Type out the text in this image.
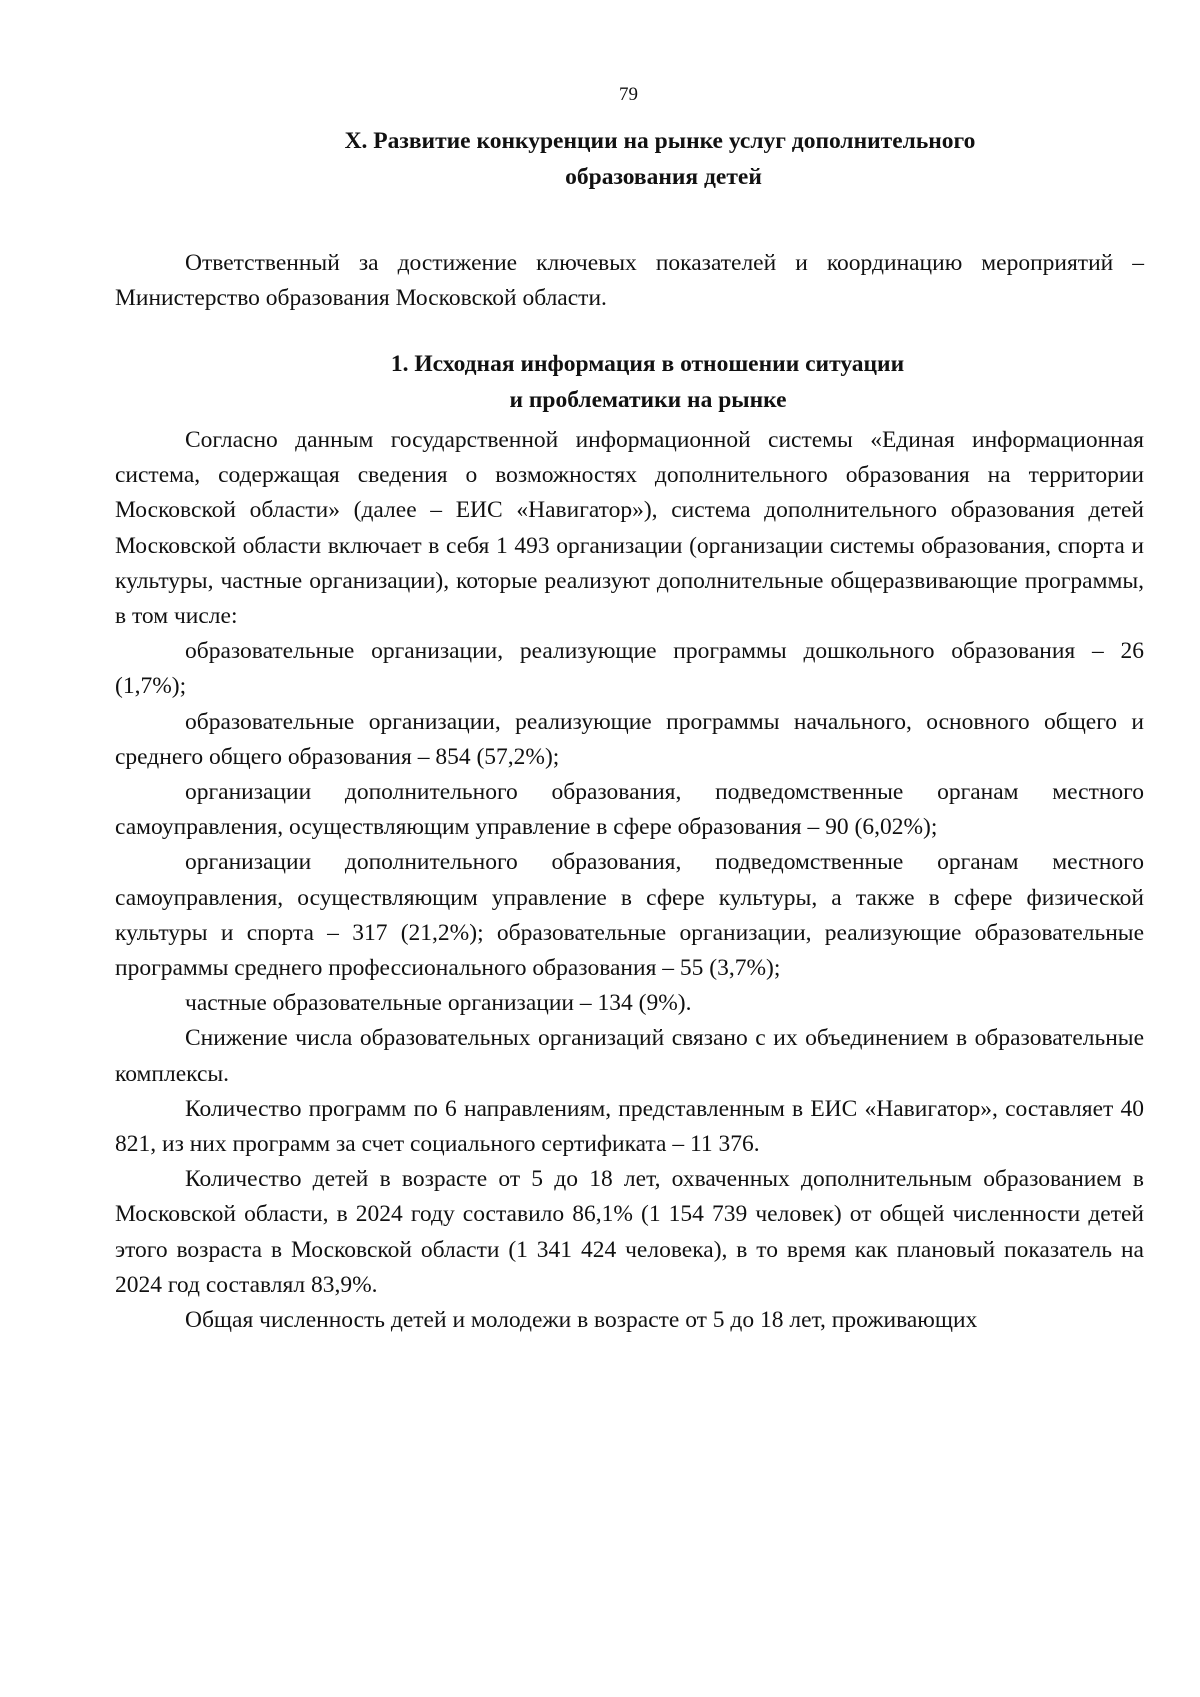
79
X. Развитие конкуренции на рынке услуг дополнительного
образования детей

Ответственный за достижение ключевых показателей и координацию мероприятий – Министерство образования Московской области.

1. Исходная информация в отношении ситуации
и проблематики на рынке

Согласно данным государственной информационной системы «Единая информационная система, содержащая сведения о возможностях дополнительного образования на территории Московской области» (далее – ЕИС «Навигатор»), система дополнительного образования детей Московской области включает в себя 1 493 организации (организации системы образования, спорта и культуры, частные организации), которые реализуют дополнительные общеразвивающие программы, в том числе:

образовательные организации, реализующие программы дошкольного образования – 26 (1,7%);

образовательные организации, реализующие программы начального, основного общего и среднего общего образования – 854 (57,2%);

организации дополнительного образования, подведомственные органам местного самоуправления, осуществляющим управление в сфере образования – 90 (6,02%);

организации дополнительного образования, подведомственные органам местного самоуправления, осуществляющим управление в сфере культуры, а также в сфере физической культуры и спорта – 317 (21,2%); образовательные организации, реализующие образовательные программы среднего профессионального образования – 55 (3,7%);

частные образовательные организации – 134 (9%).

Снижение числа образовательных организаций связано с их объединением в образовательные комплексы.

Количество программ по 6 направлениям, представленным в ЕИС «Навигатор», составляет 40 821, из них программ за счет социального сертификата – 11 376.

Количество детей в возрасте от 5 до 18 лет, охваченных дополнительным образованием в Московской области, в 2024 году составило 86,1% (1 154 739 человек) от общей численности детей этого возраста в Московской области (1 341 424 человека), в то время как плановый показатель на 2024 год составлял 83,9%.

Общая численность детей и молодежи в возрасте от 5 до 18 лет, проживающих
